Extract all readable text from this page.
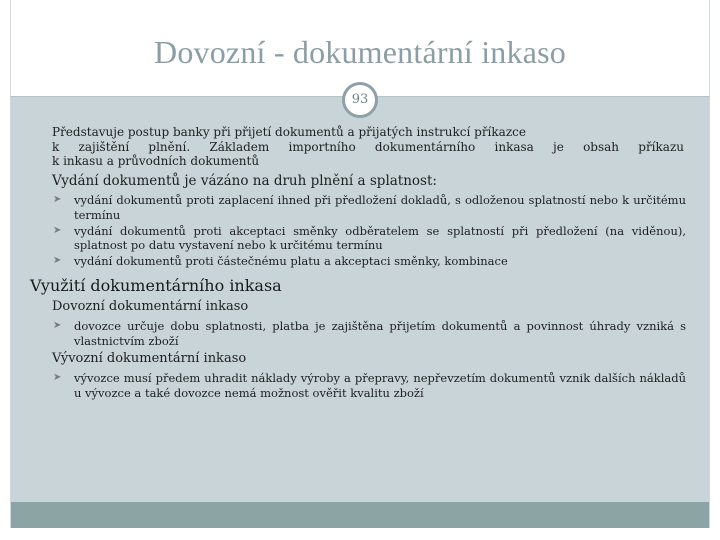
Dovozní - dokumentární inkaso
93
Představuje postup banky při přijetí dokumentů a přijatých instrukcí příkazce
k zajištění plnění. Základem importního dokumentárního inkasa je obsah příkazu
k inkasu a průvodních dokumentů
Vydání dokumentů je vázáno na druh plnění a splatnost:
➤ vydání dokumentů proti zaplacení ihned při předložení dokladů, s odloženou splatností nebo k určitému termínu
➤ vydání dokumentů proti akceptaci směnky odběratelem se splatností při předložení (na viděnou), splatnost po datu vystavení nebo k určitému termínu
➤ vydání dokumentů proti částečnému platu a akceptaci směnky, kombinace
Využití dokumentárního inkasa
Dovozní dokumentární inkaso
➤ dovozce určuje dobu splatnosti, platba je zajištěna přijetím dokumentů a povinnost úhrady vzniká s vlastnictvím zboží
Vývozní dokumentární inkaso
➤ vývozce musí předem uhradit náklady výroby a přepravy, nepřevzetím dokumentů vznik dalších nákladů u vývozce a také dovozce nemá možnost ověřit kvalitu zboží
